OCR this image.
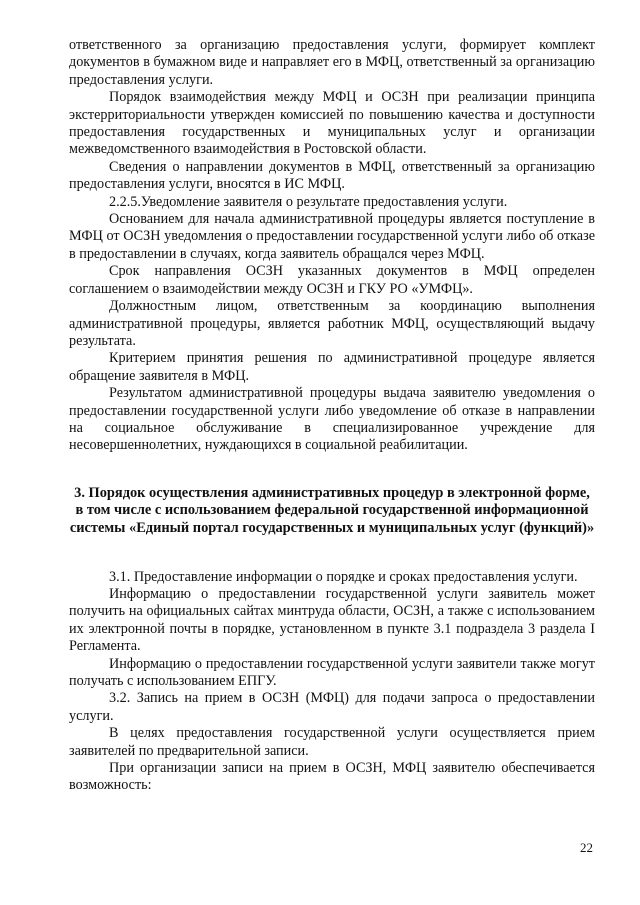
ответственного за организацию предоставления услуги, формирует комплект документов в бумажном виде и направляет его в МФЦ, ответственный за организацию предоставления услуги.

Порядок взаимодействия между МФЦ и ОСЗН при реализации принципа экстерриториальности утвержден комиссией по повышению качества и доступности предоставления государственных и муниципальных услуг и организации межведомственного взаимодействия в Ростовской области.

Сведения о направлении документов в МФЦ, ответственный за организацию предоставления услуги, вносятся в ИС МФЦ.

2.2.5.Уведомление заявителя о результате предоставления услуги.

Основанием для начала административной процедуры является поступление в МФЦ от ОСЗН уведомления о предоставлении государственной услуги либо об отказе в предоставлении в случаях, когда заявитель обращался через МФЦ.

Срок направления ОСЗН указанных документов в МФЦ определен соглашением о взаимодействии между ОСЗН и ГКУ РО «УМФЦ».

Должностным лицом, ответственным за координацию выполнения административной процедуры, является работник МФЦ, осуществляющий выдачу результата.

Критерием принятия решения по административной процедуре является обращение заявителя в МФЦ.

Результатом административной процедуры выдача заявителю уведомления о предоставлении государственной услуги либо уведомление об отказе в направлении на социальное обслуживание в специализированное учреждение для несовершеннолетних, нуждающихся в социальной реабилитации.

3. Порядок осуществления административных процедур в электронной форме, в том числе с использованием федеральной государственной информационной системы «Единый портал государственных и муниципальных услуг (функций)»

3.1. Предоставление информации о порядке и сроках предоставления услуги.

Информацию о предоставлении государственной услуги заявитель может получить на официальных сайтах минтруда области, ОСЗН, а также с использованием их электронной почты в порядке, установленном в пункте 3.1 подраздела 3 раздела I Регламента.

Информацию о предоставлении государственной услуги заявители также могут получать с использованием ЕПГУ.

3.2. Запись на прием в ОСЗН (МФЦ) для подачи запроса о предоставлении услуги.

В целях предоставления государственной услуги осуществляется прием заявителей по предварительной записи.

При организации записи на прием в ОСЗН, МФЦ заявителю обеспечивается возможность:

22
